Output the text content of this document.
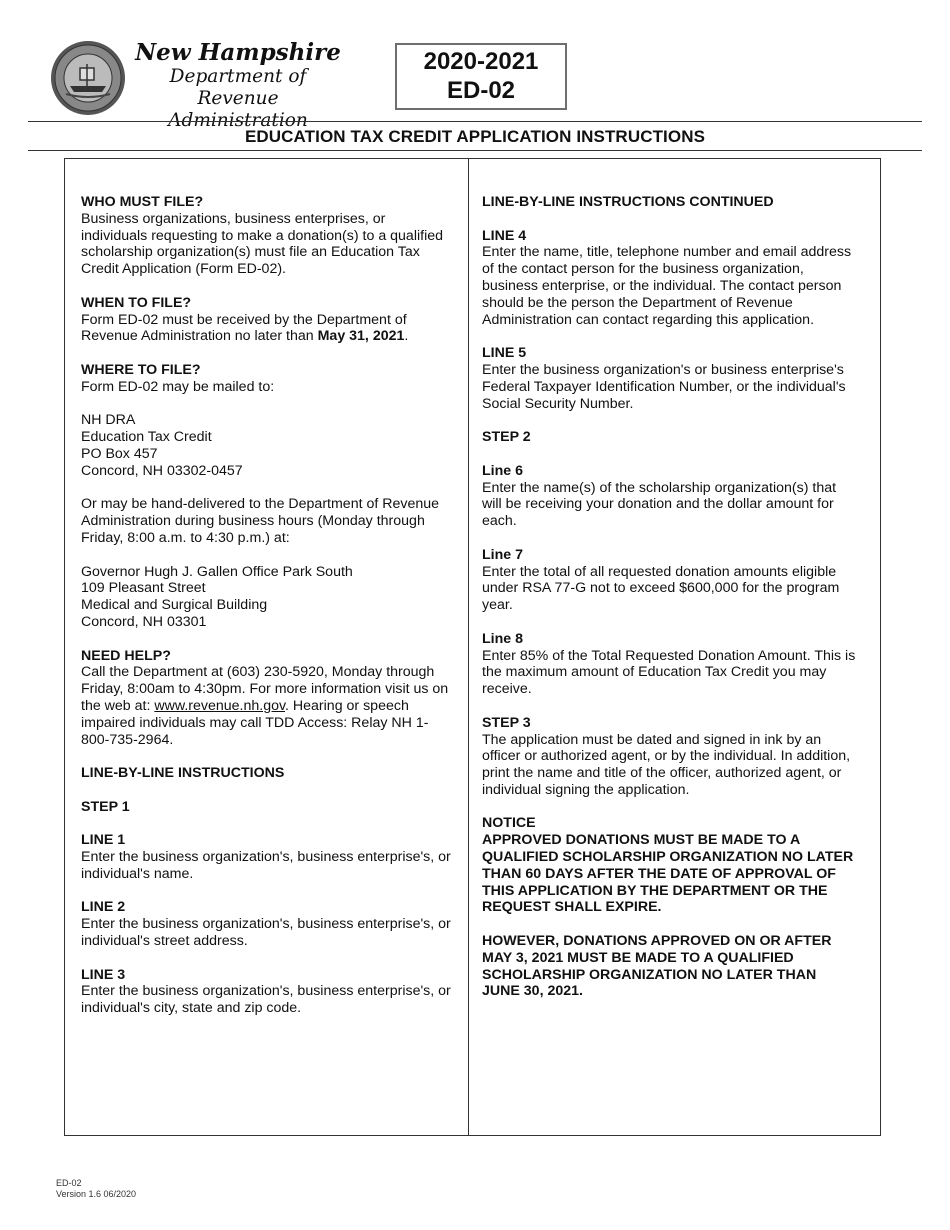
New Hampshire
Department of
Revenue Administration
2020-2021
ED-02
EDUCATION TAX CREDIT APPLICATION INSTRUCTIONS
WHO MUST FILE?
Business organizations, business enterprises, or individuals requesting to make a donation(s) to a qualified scholarship organization(s) must file an Education Tax Credit Application (Form ED-02).
WHEN TO FILE?
Form ED-02 must be received by the Department of Revenue Administration no later than May 31, 2021.
WHERE TO FILE?
Form ED-02 may be mailed to:
NH DRA
Education Tax Credit
PO Box 457
Concord, NH 03302-0457
Or may be hand-delivered to the Department of Revenue Administration during business hours (Monday through Friday, 8:00 a.m. to 4:30 p.m.) at:
Governor Hugh J. Gallen Office Park South
109 Pleasant Street
Medical and Surgical Building
Concord, NH 03301
NEED HELP?
Call the Department at (603) 230-5920, Monday through Friday, 8:00am to 4:30pm. For more information visit us on the web at: www.revenue.nh.gov. Hearing or speech impaired individuals may call TDD Access: Relay NH 1-800-735-2964.
LINE-BY-LINE INSTRUCTIONS
STEP 1
LINE 1
Enter the business organization's, business enterprise's, or individual's name.
LINE 2
Enter the business organization's, business enterprise's, or individual's street address.
LINE 3
Enter the business organization's, business enterprise's, or individual's city, state and zip code.
LINE-BY-LINE INSTRUCTIONS CONTINUED
LINE 4
Enter the name, title, telephone number and email address of the contact person for the business organization, business enterprise, or the individual. The contact person should be the person the Department of Revenue Administration can contact regarding this application.
LINE 5
Enter the business organization's or business enterprise's Federal Taxpayer Identification Number, or the individual's Social Security Number.
STEP 2
Line 6
Enter the name(s) of the scholarship organization(s) that will be receiving your donation and the dollar amount for each.
Line 7
Enter the total of all requested donation amounts eligible under RSA 77-G not to exceed $600,000 for the program year.
Line 8
Enter 85% of the Total Requested Donation Amount. This is the maximum amount of Education Tax Credit you may receive.
STEP 3
The application must be dated and signed in ink by an officer or authorized agent, or by the individual. In addition, print the name and title of the officer, authorized agent, or individual signing the application.
NOTICE
APPROVED DONATIONS MUST BE MADE TO A QUALIFIED SCHOLARSHIP ORGANIZATION NO LATER THAN 60 DAYS AFTER THE DATE OF APPROVAL OF THIS APPLICATION BY THE DEPARTMENT OR THE REQUEST SHALL EXPIRE.
HOWEVER, DONATIONS APPROVED ON OR AFTER MAY 3, 2021 MUST BE MADE TO A QUALIFIED SCHOLARSHIP ORGANIZATION NO LATER THAN JUNE 30, 2021.
ED-02
Version 1.6 06/2020
